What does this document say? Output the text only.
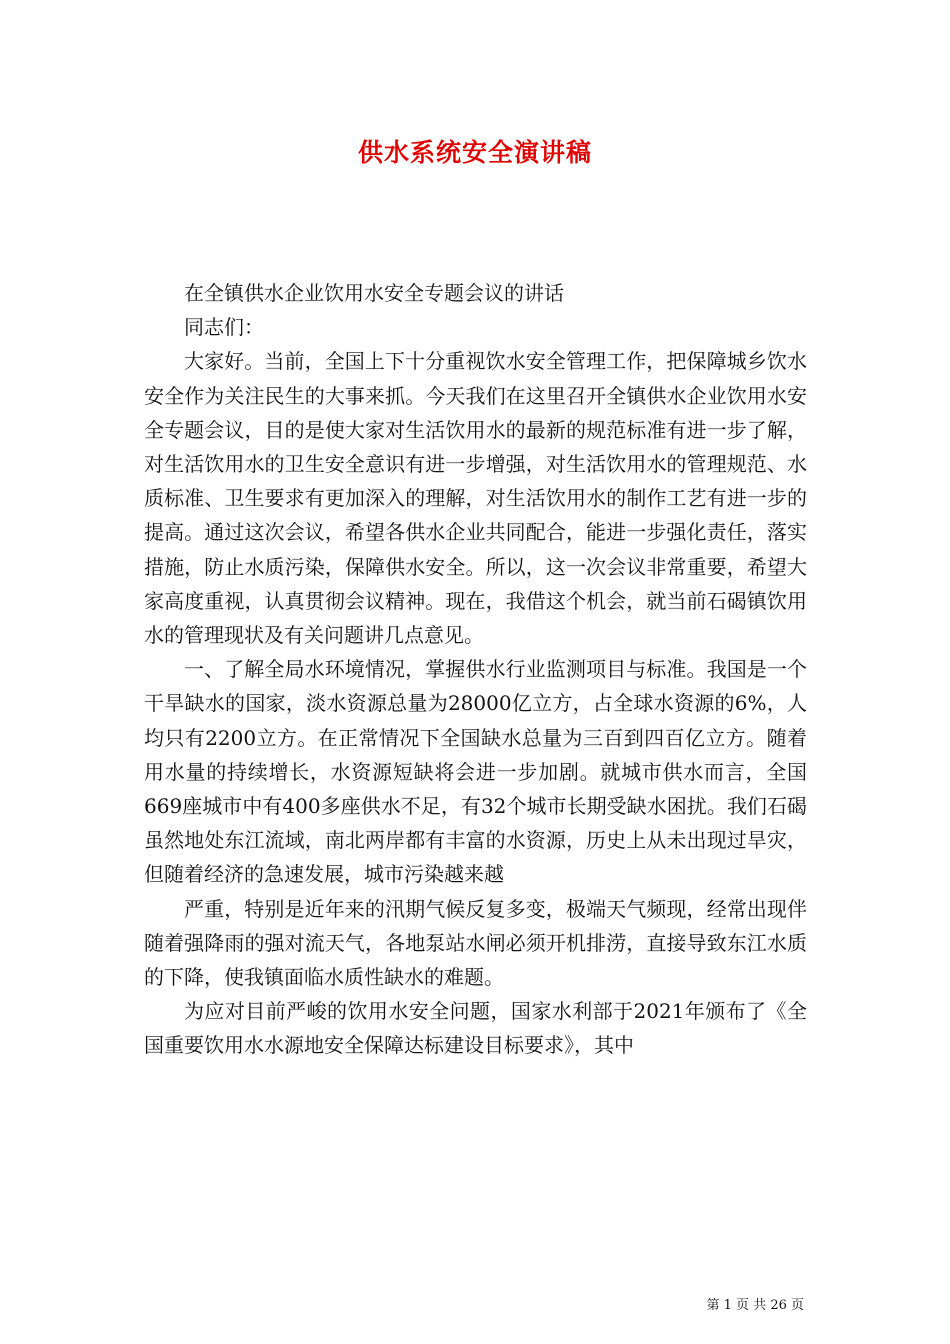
供水系统安全演讲稿

在全镇供水企业饮用水安全专题会议的讲话

同志们：

大家好。当前，全国上下十分重视饮水安全管理工作，把保障城乡饮水安全作为关注民生的大事来抓。今天我们在这里召开全镇供水企业饮用水安全专题会议，目的是使大家对生活饮用水的最新的规范标准有进一步了解，对生活饮用水的卫生安全意识有进一步增强，对生活饮用水的管理规范、水质标准、卫生要求有更加深入的理解，对生活饮用水的制作工艺有进一步的提高。通过这次会议，希望各供水企业共同配合，能进一步强化责任，落实措施，防止水质污染，保障供水安全。所以，这一次会议非常重要，希望大家高度重视，认真贯彻会议精神。现在，我借这个机会，就当前石碣镇饮用水的管理现状及有关问题讲几点意见。

一、了解全局水环境情况，掌握供水行业监测项目与标准。我国是一个干旱缺水的国家，淡水资源总量为28000亿立方，占全球水资源的6%，人均只有2200立方。在正常情况下全国缺水总量为三百到四百亿立方。随着用水量的持续增长，水资源短缺将会进一步加剧。就城市供水而言，全国669座城市中有400多座供水不足，有32个城市长期受缺水困扰。我们石碣虽然地处东江流域，南北两岸都有丰富的水资源，历史上从未出现过旱灾，但随着经济的急速发展，城市污染越来越

严重，特别是近年来的汛期气候反复多变，极端天气频现，经常出现伴随着强降雨的强对流天气，各地泵站水闸必须开机排涝，直接导致东江水质的下降，使我镇面临水质性缺水的难题。

为应对目前严峻的饮用水安全问题，国家水利部于2021年颁布了《全国重要饮用水水源地安全保障达标建设目标要求》，其中

第 1 页 共 26 页
